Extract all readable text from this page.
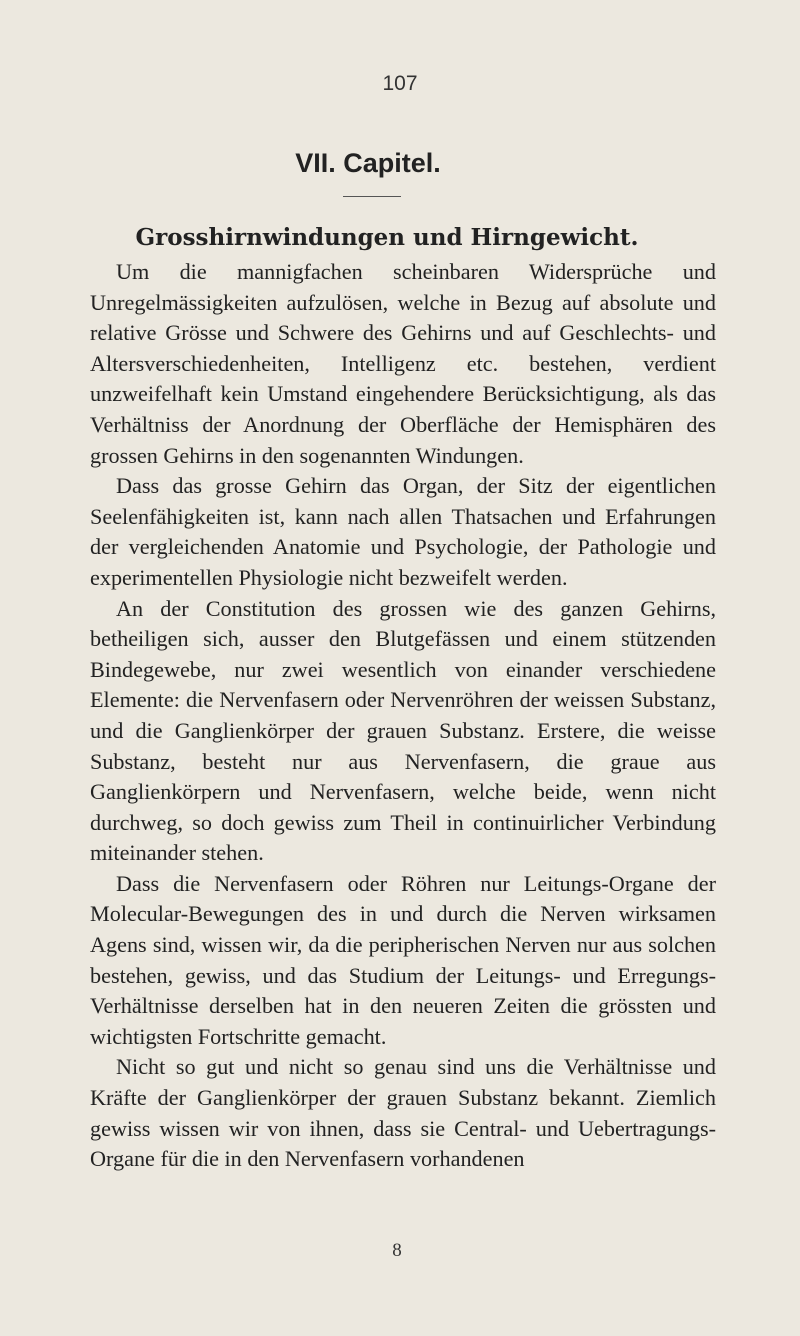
107
VII. Capitel.
Grosshirnwindungen und Hirngewicht.

Um die mannigfachen scheinbaren Widersprüche und Unregelmässigkeiten aufzulösen, welche in Bezug auf absolute und relative Grösse und Schwere des Gehirns und auf Geschlechts- und Altersverschiedenheiten, Intelligenz etc. bestehen, verdient unzweifelhaft kein Umstand eingehendere Berücksichtigung, als das Verhältniss der Anordnung der Oberfläche der Hemisphären des grossen Gehirns in den sogenannten Windungen.

Dass das grosse Gehirn das Organ, der Sitz der eigentlichen Seelenfähigkeiten ist, kann nach allen Thatsachen und Erfahrungen der vergleichenden Anatomie und Psychologie, der Pathologie und experimentellen Physiologie nicht bezweifelt werden.

An der Constitution des grossen wie des ganzen Gehirns, betheiligen sich, ausser den Blutgefässen und einem stützenden Bindegewebe, nur zwei wesentlich von einander verschiedene Elemente: die Nervenfasern oder Nervenröhren der weissen Substanz, und die Ganglienkörper der grauen Substanz. Erstere, die weisse Substanz, besteht nur aus Nervenfasern, die graue aus Ganglienkörpern und Nervenfasern, welche beide, wenn nicht durchweg, so doch gewiss zum Theil in continuirlicher Verbindung miteinander stehen.

Dass die Nervenfasern oder Röhren nur Leitungs-Organe der Molecular-Bewegungen des in und durch die Nerven wirksamen Agens sind, wissen wir, da die peripherischen Nerven nur aus solchen bestehen, gewiss, und das Studium der Leitungs- und Erregungs-Verhältnisse derselben hat in den neueren Zeiten die grössten und wichtigsten Fortschritte gemacht.

Nicht so gut und nicht so genau sind uns die Verhältnisse und Kräfte der Ganglienkörper der grauen Substanz bekannt. Ziemlich gewiss wissen wir von ihnen, dass sie Central- und Uebertragungs-Organe für die in den Nervenfasern vorhandenen

8
